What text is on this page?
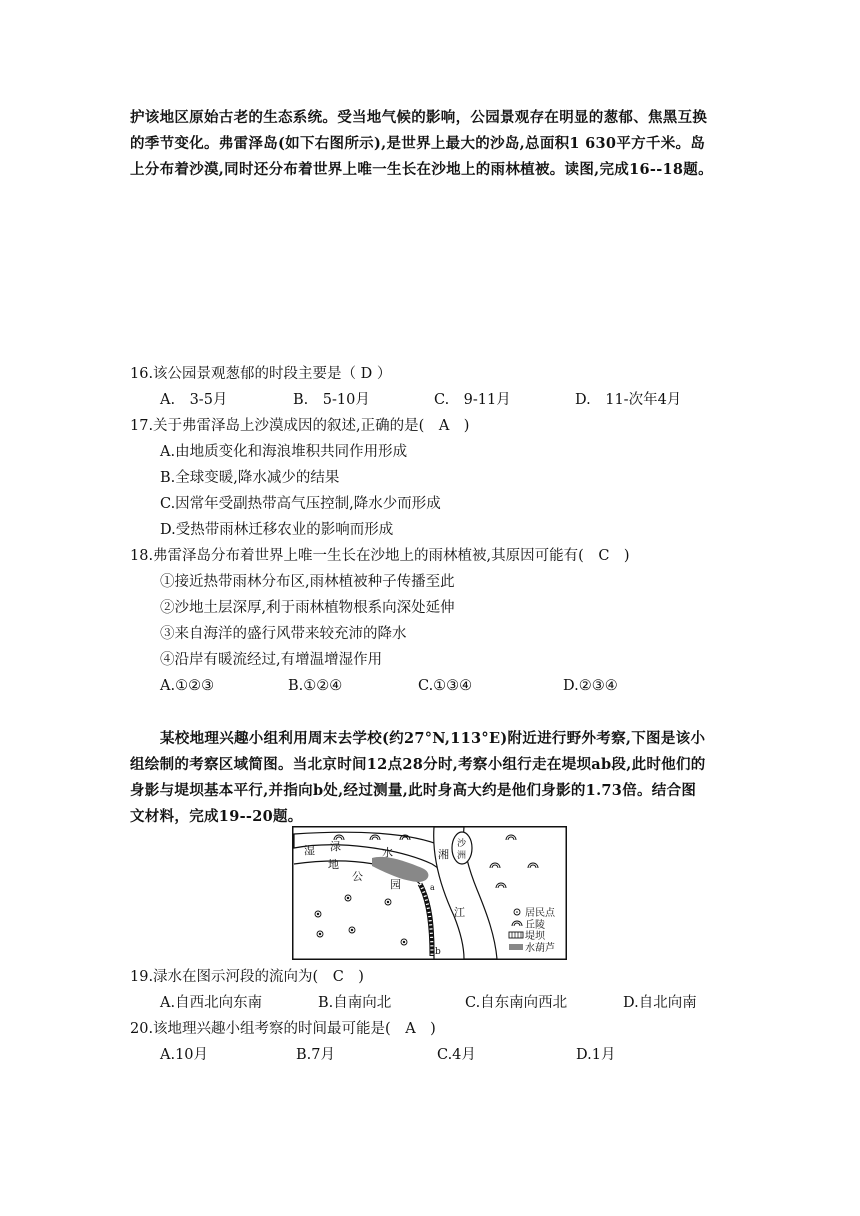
护该地区原始古老的生态系统。受当地气候的影响，公园景观存在明显的葱郁、焦黑互换
的季节变化。弗雷泽岛(如下右图所示),是世界上最大的沙岛,总面积1 630平方千米。岛
上分布着沙漠,同时还分布着世界上唯一生长在沙地上的雨林植被。读图,完成16--18题。
16.该公园景观葱郁的时段主要是（ D ）
A.　3-5月	B.　5-10月	C.　9-11月	D.　11-次年4月
17.关于弗雷泽岛上沙漠成因的叙述,正确的是(　A　)
A.由地质变化和海浪堆积共同作用形成
B.全球变暖,降水减少的结果
C.因常年受副热带高气压控制,降水少而形成
D.受热带雨林迁移农业的影响而形成
18.弗雷泽岛分布着世界上唯一生长在沙地上的雨林植被,其原因可能有(　C　)
①接近热带雨林分布区,雨林植被种子传播至此
②沙地土层深厚,利于雨林植物根系向深处延伸
③来自海洋的盛行风带来较充沛的降水
④沿岸有暖流经过,有增温增湿作用
A.①②③	B.①②④	C.①③④	D.②③④
某校地理兴趣小组利用周末去学校(约27°N,113°E)附近进行野外考察,下图是该小
组绘制的考察区域简图。当北京时间12点28分时,考察小组行走在堤坝ab段,此时他们的
身影与堤坝基本平行,并指向b处,经过测量,此时身高大约是他们身影的1.73倍。结合图
文材料，完成19--20题。
湿
地
公
园
渌	水	湘
江
沙
洲
a
b
居民点
丘陵
堤坝
水葫芦
19.渌水在图示河段的流向为(　C　)
A.自西北向东南	B.自南向北	C.自东南向西北	D.自北向南
20.该地理兴趣小组考察的时间最可能是(　A　)
A.10月	B.7月	C.4月	D.1月
